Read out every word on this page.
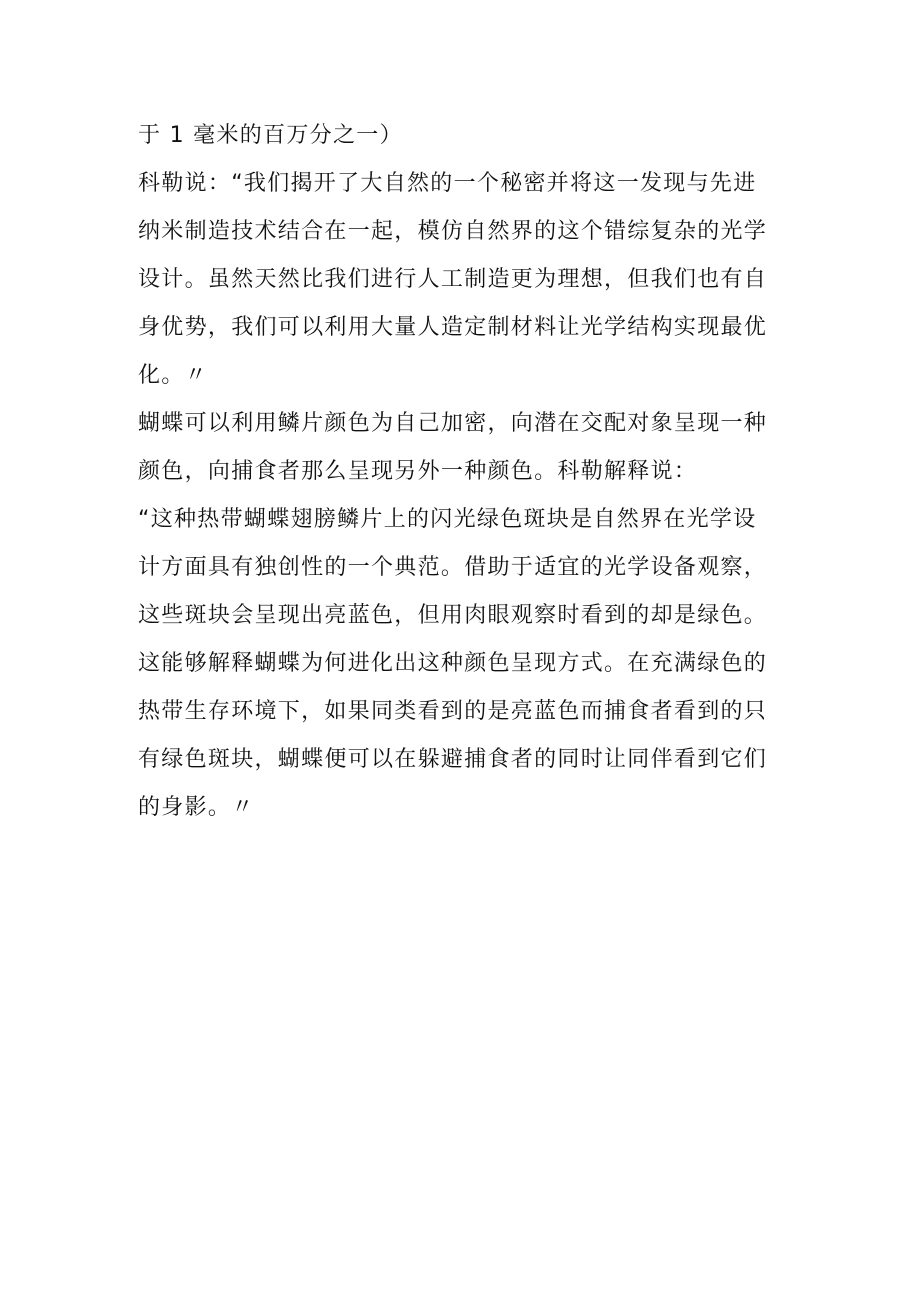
于 1 毫米的百万分之一）
科勒说：“我们揭开了大自然的一个秘密并将这一发现与先进
纳米制造技术结合在一起，模仿自然界的这个错综复杂的光学
设计。虽然天然比我们进行人工制造更为理想，但我们也有自
身优势，我们可以利用大量人造定制材料让光学结构实现最优
化。〃
蝴蝶可以利用鳞片颜色为自己加密，向潜在交配对象呈现一种
颜色，向捕食者那么呈现另外一种颜色。科勒解释说：
“这种热带蝴蝶翅膀鳞片上的闪光绿色斑块是自然界在光学设
计方面具有独创性的一个典范。借助于适宜的光学设备观察，
这些斑块会呈现出亮蓝色，但用肉眼观察时看到的却是绿色。
这能够解释蝴蝶为何进化出这种颜色呈现方式。在充满绿色的
热带生存环境下，如果同类看到的是亮蓝色而捕食者看到的只
有绿色斑块，蝴蝶便可以在躲避捕食者的同时让同伴看到它们
的身影。〃
